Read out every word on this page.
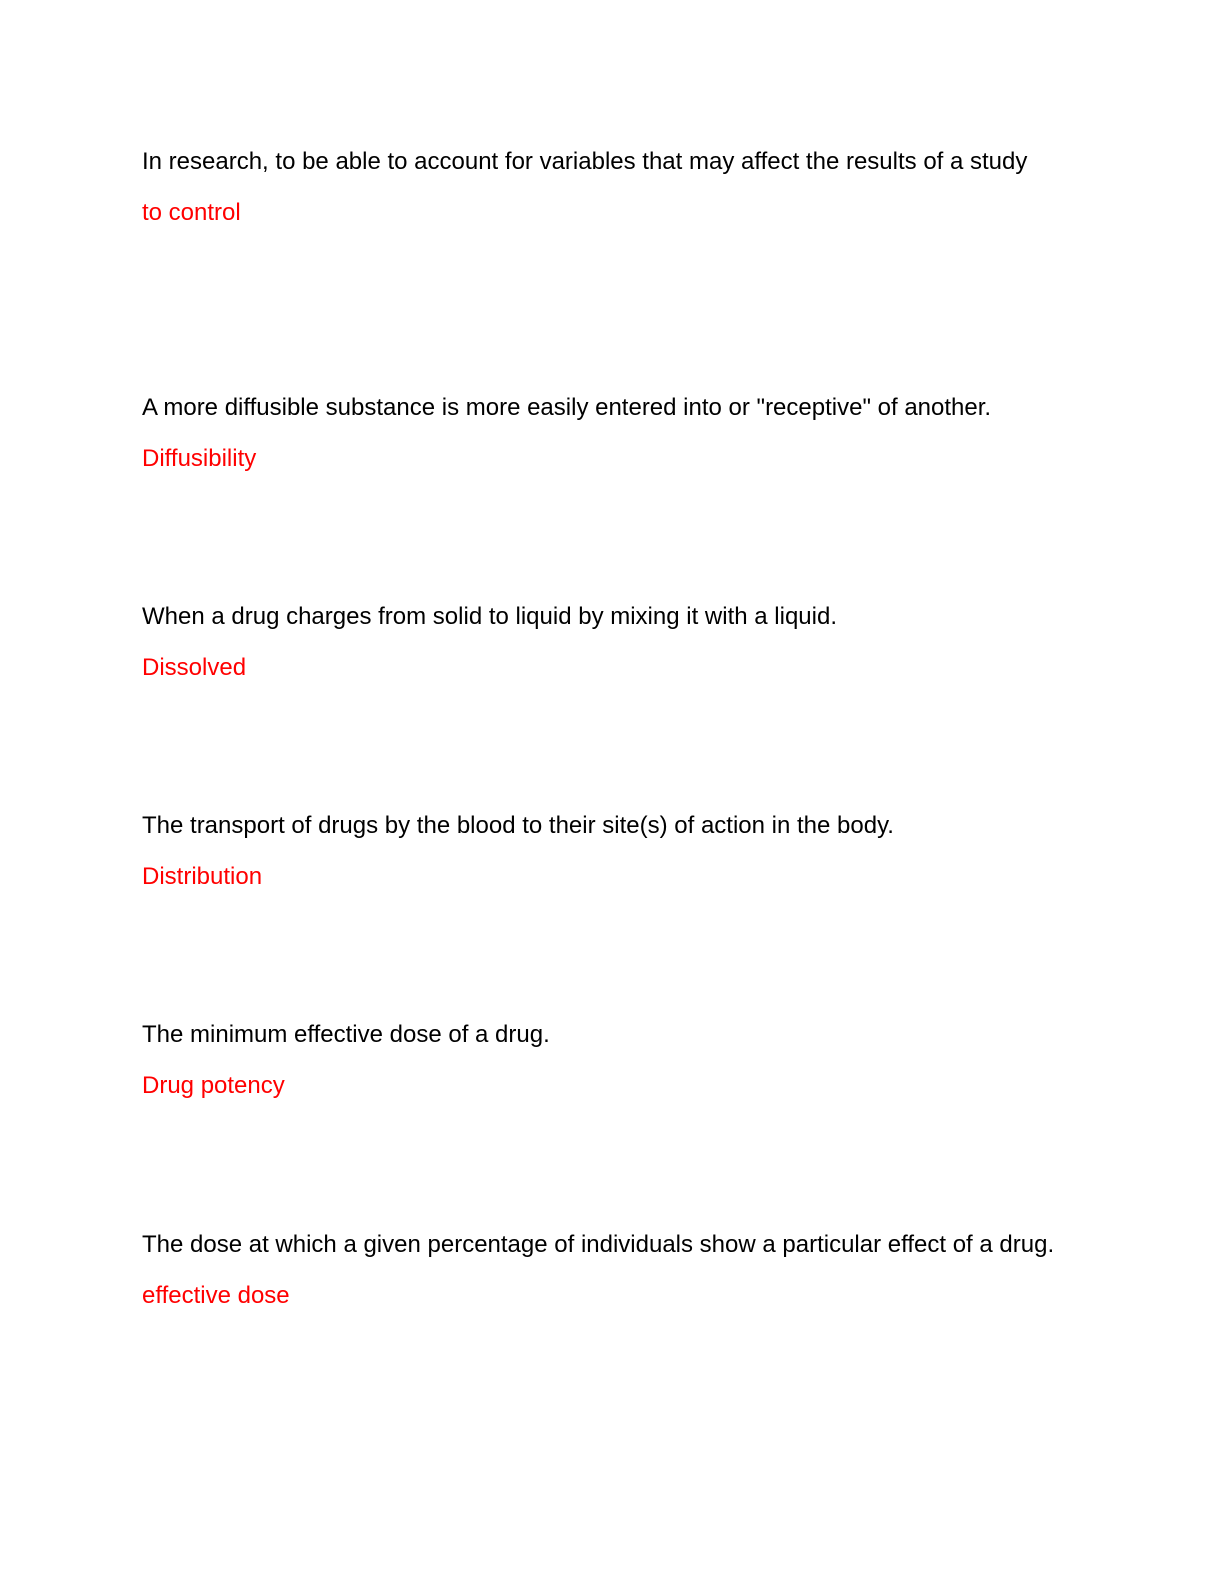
In research, to be able to account for variables that may affect the results of a study

to control

A more diffusible substance is more easily entered into or "receptive" of another.

Diffusibility

When a drug charges from solid to liquid by mixing it with a liquid.

Dissolved

The transport of drugs by the blood to their site(s) of action in the body.

Distribution

The minimum effective dose of a drug.

Drug potency

The dose at which a given percentage of individuals show a particular effect of a drug.

effective dose
